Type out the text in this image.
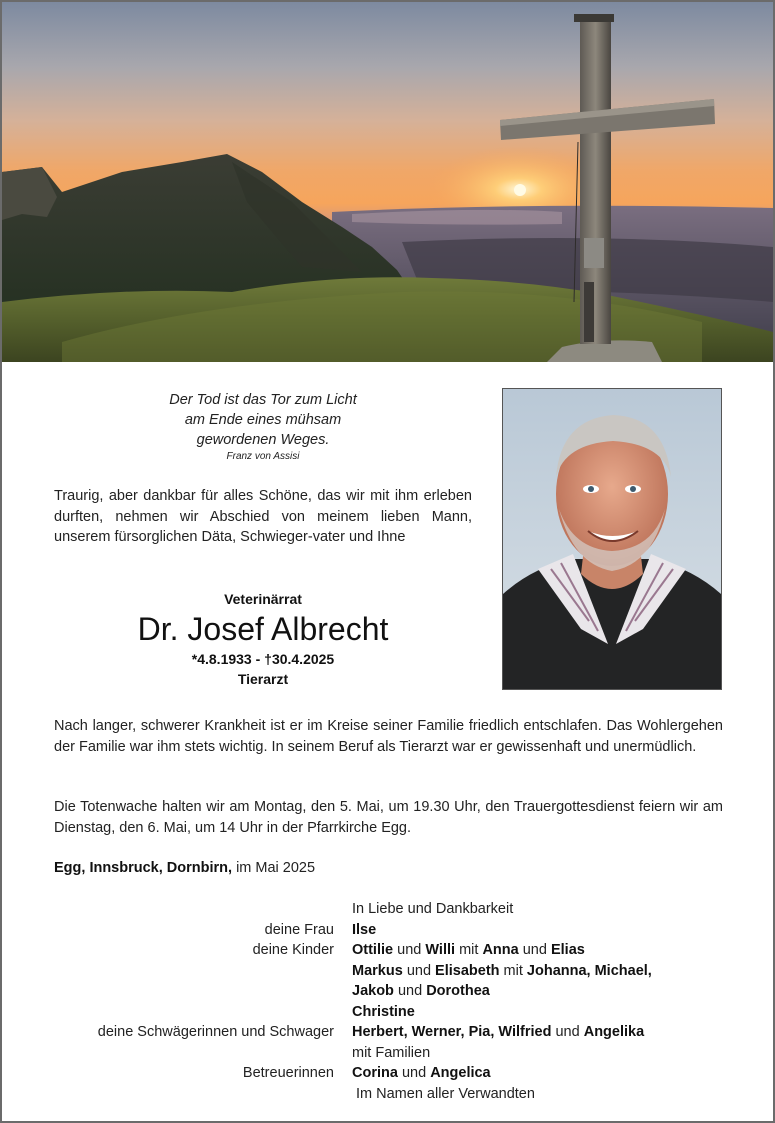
Der Tod ist das Tor zum Licht
am Ende eines mühsam
gewordenen Weges.
Franz von Assisi
Traurig, aber dankbar für alles Schöne, das wir mit ihm erleben durften, nehmen wir Abschied von meinem lieben Mann, unserem fürsorglichen Däta, Schwieger-vater und Ihne
Veterinärrat
Dr. Josef Albrecht
*4.8.1933 - †30.4.2025
Tierarzt
Nach langer, schwerer Krankheit ist er im Kreise seiner Familie friedlich entschlafen. Das Wohlergehen der Familie war ihm stets wichtig. In seinem Beruf als Tierarzt war er gewissenhaft und unermüdlich.
Die Totenwache halten wir am Montag, den 5. Mai, um 19.30 Uhr, den Trauergottesdienst feiern wir am Dienstag, den 6. Mai, um 14 Uhr in der Pfarrkirche Egg.
Egg, Innsbruck, Dornbirn, im Mai 2025
In Liebe und Dankbarkeit
deine Frau	Ilse
deine Kinder	Ottilie und Willi mit Anna und Elias
Markus und Elisabeth mit Johanna, Michael,
Jakob und Dorothea
Christine
deine Schwägerinnen und Schwager	Herbert, Werner, Pia, Wilfried und Angelika
mit Familien
Betreuerinnen	Corina und Angelica
Im Namen aller Verwandten
